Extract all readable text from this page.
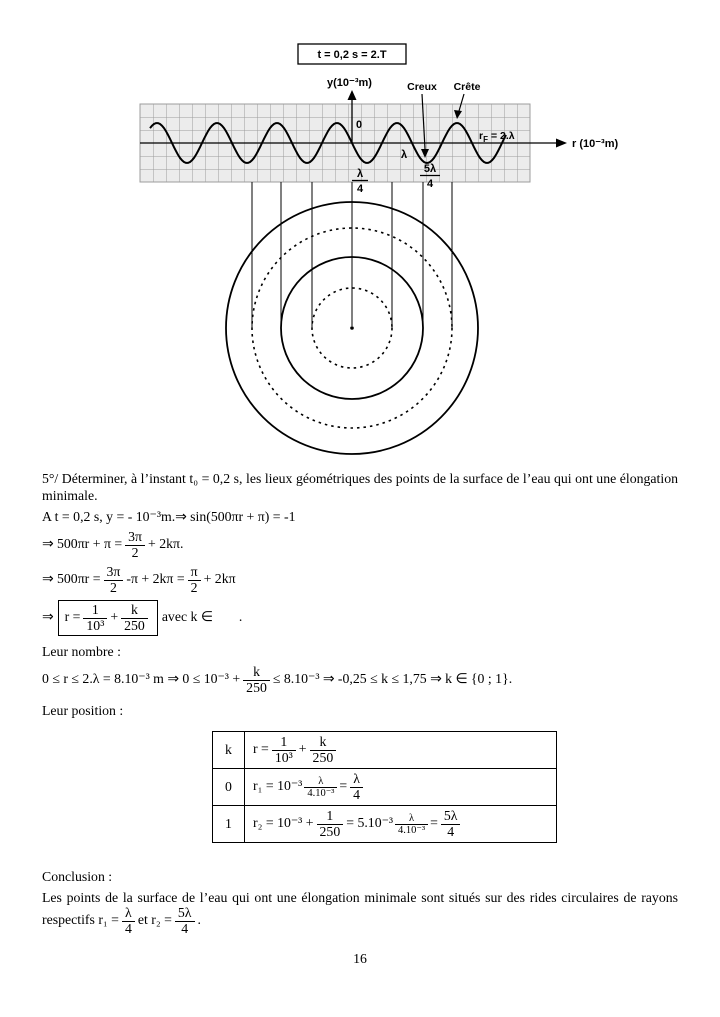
t = 0,2 s = 2.T
r (10⁻³m)
y(10⁻³m)	Creux Crête
0
λ
$r_F = 2.\lambda$
λ
4
5λ
4

5°/ Déterminer, à l’instant t₀ = 0,2 s, les lieux géométriques des points de la surface de l’eau qui ont une élongation minimale.

A t = 0,2 s, y = - 10⁻³m.⇒ sin(500πr + π) = -1
⇒ $500\pi r + \pi = \frac{3\pi}{2} + 2k\pi$.
⇒ $500\pi r = \frac{3\pi}{2} -\pi + 2k\pi = \frac{\pi}{2} + 2k\pi$
⇒ $r = \frac{1}{\text{10³}} + \frac{k}{250}$ avec k ∈ .
Leur nombre :
0 ≤ r ≤ 2.λ = 8.10⁻³ m ⇒ $0 \le 10^{-3} + \frac{k}{250} \le 8.10^{-3}$ ⇒ -0,25 ≤ k ≤ 1,75 ⇒ k ∈ {0 ; 1}.
Leur position :
k	$r = \frac{1}{\text{10³}} + \frac{k}{250}$

0	$r_1 = 10^{-3} \frac{\lambda}{\text{4.10⁻³}} = \frac{\lambda}{4}$

1	$r_2 = 10^{-3} + \frac{1}{250} = 5.10^{-3} \frac{\lambda}{\text{4.10⁻³}} = \frac{5\lambda}{4}$
Conclusion :

Les points de la surface de l’eau qui ont une élongation minimale sont situés sur des rides circulaires de rayons respectifs $r_1 = \frac{\lambda}{4}$ et $r_2 = \frac{5\lambda}{4}$ .

16
